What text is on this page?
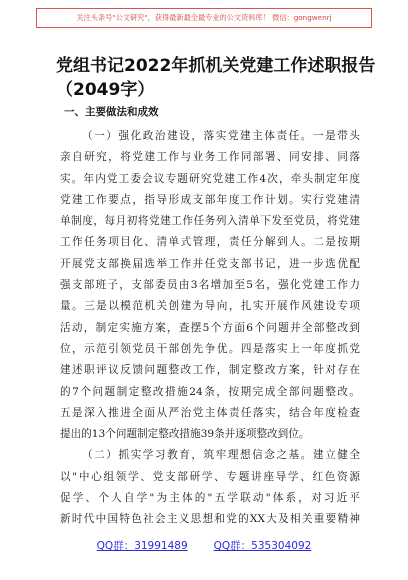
关注头条号"公文研究"，获得最新最全最专业的公文资料库！ 微信：gongwenrj
党组书记2022年抓机关党建工作述职报告
（2049字）
一、主要做法和成效

（一）强化政治建设，落实党建主体责任。一是带头
亲自研究，将党建工作与业务工作同部署、同安排、同落
实。年内党工委会议专题研究党建工作4次，牵头制定年度
党建工作要点，指导形成支部年度工作计划。实行党建清
单制度，每月初将党建工作任务列入清单下发至党员，将党建
工作任务项目化、清单式管理，责任分解到人。二是按期
开展党支部换届选举工作并任党支部书记，进一步选优配
强支部班子，支部委员由3名增加至5名，强化党建工作力
量。三是以模范机关创建为导向，扎实开展作风建设专项
活动，制定实施方案，查摆5个方面6个问题并全部整改到
位，示范引领党员干部创先争优。四是落实上一年度抓党
建述职评议反馈问题整改工作，制定整改方案，针对存在
的7个问题制定整改措施24条，按期完成全部问题整改。
五是深入推进全面从严治党主体责任落实，结合年度检查
提出的13个问题制定整改措施39条并逐项整改到位。

（二）抓实学习教育，筑牢理想信念之基。建立健全
以"中心组领学、党支部研学、专题讲座导学、红色资源
促学、个人自学"为主体的"五学联动"体系，对习近平
新时代中国特色社会主义思想和党的XX大及相关重要精神

QQ群：31991489 QQ群：535304092
